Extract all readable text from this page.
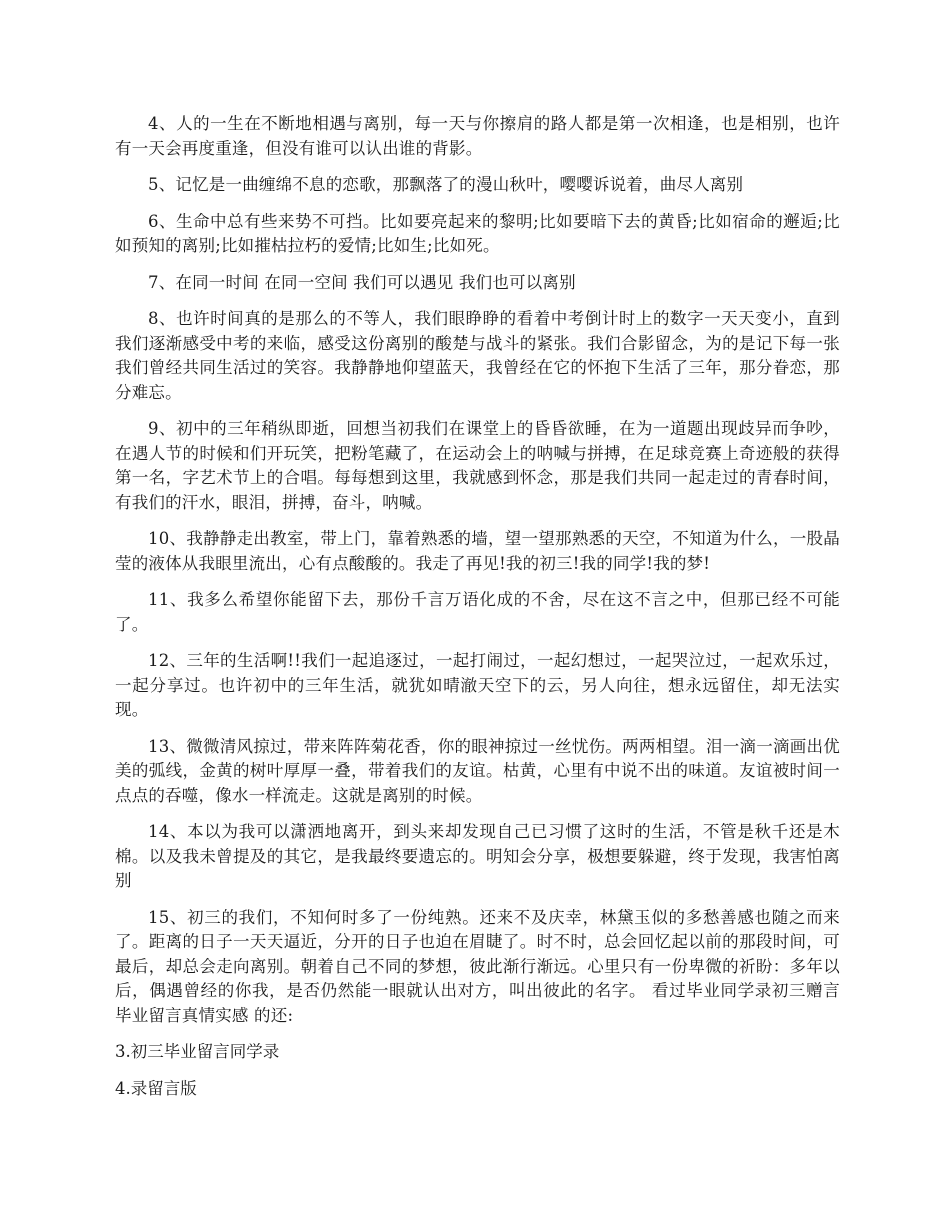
4、人的一生在不断地相遇与离别，每一天与你擦肩的路人都是第一次相逢，也是相别，也许有一天会再度重逢，但没有谁可以认出谁的背影。

5、记忆是一曲缠绵不息的恋歌，那飘落了的漫山秋叶，嘤嘤诉说着，曲尽人离别

6、生命中总有些来势不可挡。比如要亮起来的黎明;比如要暗下去的黄昏;比如宿命的邂逅;比如预知的离别;比如摧枯拉朽的爱情;比如生;比如死。

7、在同一时间 在同一空间 我们可以遇见 我们也可以离别

8、也许时间真的是那么的不等人，我们眼睁睁的看着中考倒计时上的数字一天天变小，直到我们逐渐感受中考的来临，感受这份离别的酸楚与战斗的紧张。我们合影留念，为的是记下每一张我们曾经共同生活过的笑容。我静静地仰望蓝天，我曾经在它的怀抱下生活了三年，那分眷恋，那分难忘。

9、初中的三年稍纵即逝，回想当初我们在课堂上的昏昏欲睡，在为一道题出现歧异而争吵，在遇人节的时候和们开玩笑，把粉笔藏了，在运动会上的呐喊与拼搏，在足球竞赛上奇迹般的获得第一名，字艺术节上的合唱。每每想到这里，我就感到怀念，那是我们共同一起走过的青春时间，有我们的汗水，眼泪，拼搏，奋斗，呐喊。

10、我静静走出教室，带上门，靠着熟悉的墙，望一望那熟悉的天空，不知道为什么，一股晶莹的液体从我眼里流出，心有点酸酸的。我走了再见!我的初三!我的同学!我的梦!

11、我多么希望你能留下去，那份千言万语化成的不舍，尽在这不言之中，但那已经不可能了。

12、三年的生活啊!!我们一起追逐过，一起打闹过，一起幻想过，一起哭泣过，一起欢乐过，一起分享过。也许初中的三年生活，就犹如晴澈天空下的云，另人向往，想永远留住，却无法实现。

13、微微清风掠过，带来阵阵菊花香，你的眼神掠过一丝忧伤。两两相望。泪一滴一滴画出优美的弧线，金黄的树叶厚厚一叠，带着我们的友谊。枯黄，心里有中说不出的味道。友谊被时间一点点的吞噬，像水一样流走。这就是离别的时候。

14、本以为我可以潇洒地离开，到头来却发现自己已习惯了这时的生活，不管是秋千还是木棉。以及我未曾提及的其它，是我最终要遗忘的。明知会分享，极想要躲避，终于发现，我害怕离别

15、初三的我们，不知何时多了一份纯熟。还来不及庆幸，林黛玉似的多愁善感也随之而来了。距离的日子一天天逼近，分开的日子也迫在眉睫了。时不时，总会回忆起以前的那段时间，可最后，却总会走向离别。朝着自己不同的梦想，彼此渐行渐远。心里只有一份卑微的祈盼：多年以后，偶遇曾经的你我，是否仍然能一眼就认出对方，叫出彼此的名字。 看过毕业同学录初三赠言 毕业留言真情实感 的还:

3.初三毕业留言同学录

4.录留言版
